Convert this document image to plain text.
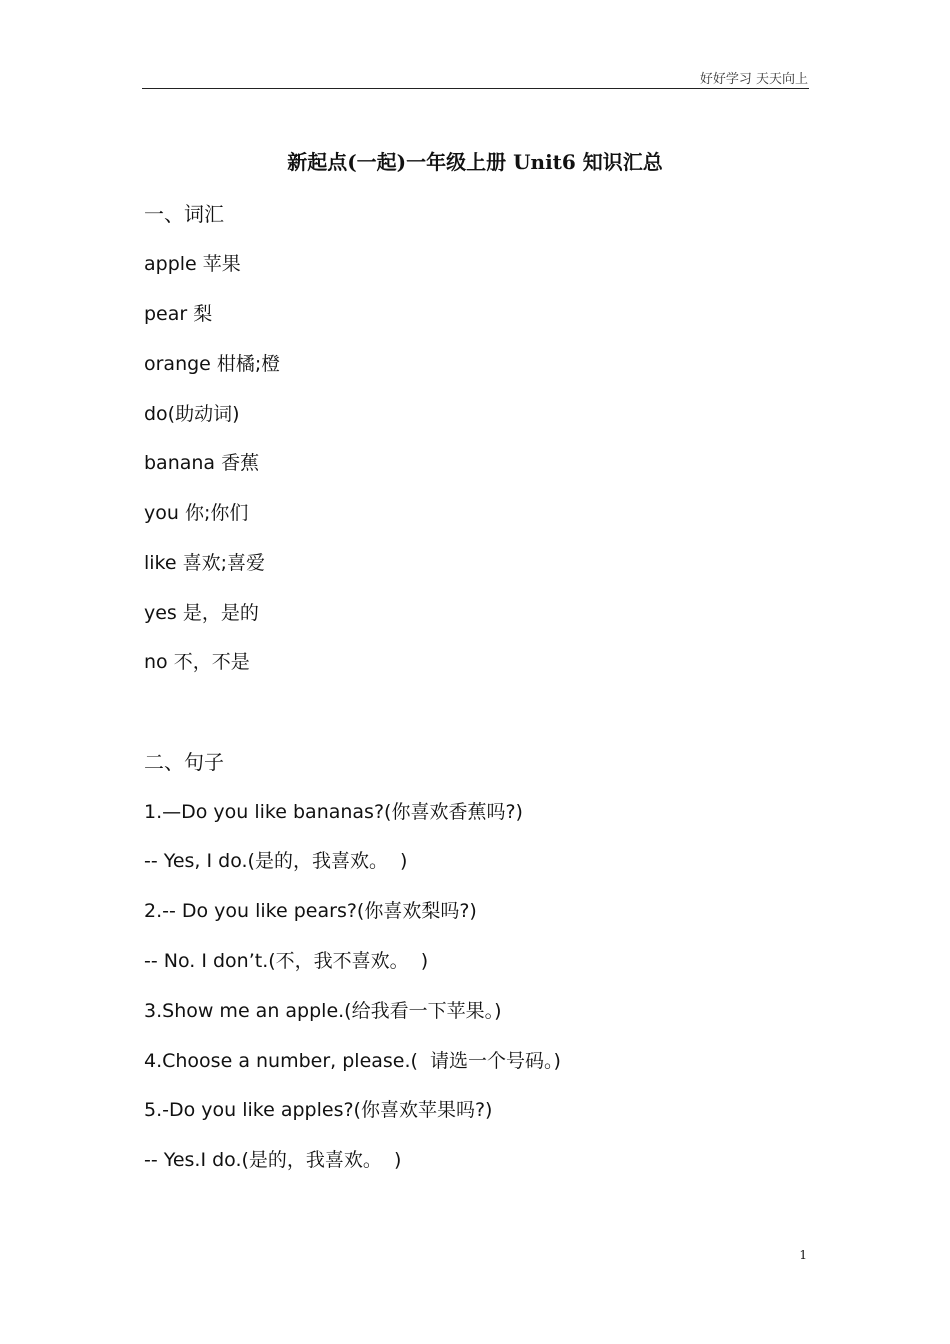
好好学习 天天向上
新起点(一起)一年级上册 Unit6 知识汇总
一、词汇
apple 苹果
pear 梨
orange 柑橘;橙
do(助动词)
banana 香蕉
you 你;你们
like 喜欢;喜爱
yes 是，是的
no 不，不是
二、句子
1.—Do you like bananas?(你喜欢香蕉吗?)
-- Yes, I do.(是的，我喜欢。  )
2.-- Do you like pears?(你喜欢梨吗?)
-- No. I don’t.(不，我不喜欢。  )
3.Show me an apple.(给我看一下苹果。)
4.Choose a number, please.(  请选一个号码。)
5.-Do you like apples?(你喜欢苹果吗?)
-- Yes.I do.(是的，我喜欢。  )
1
